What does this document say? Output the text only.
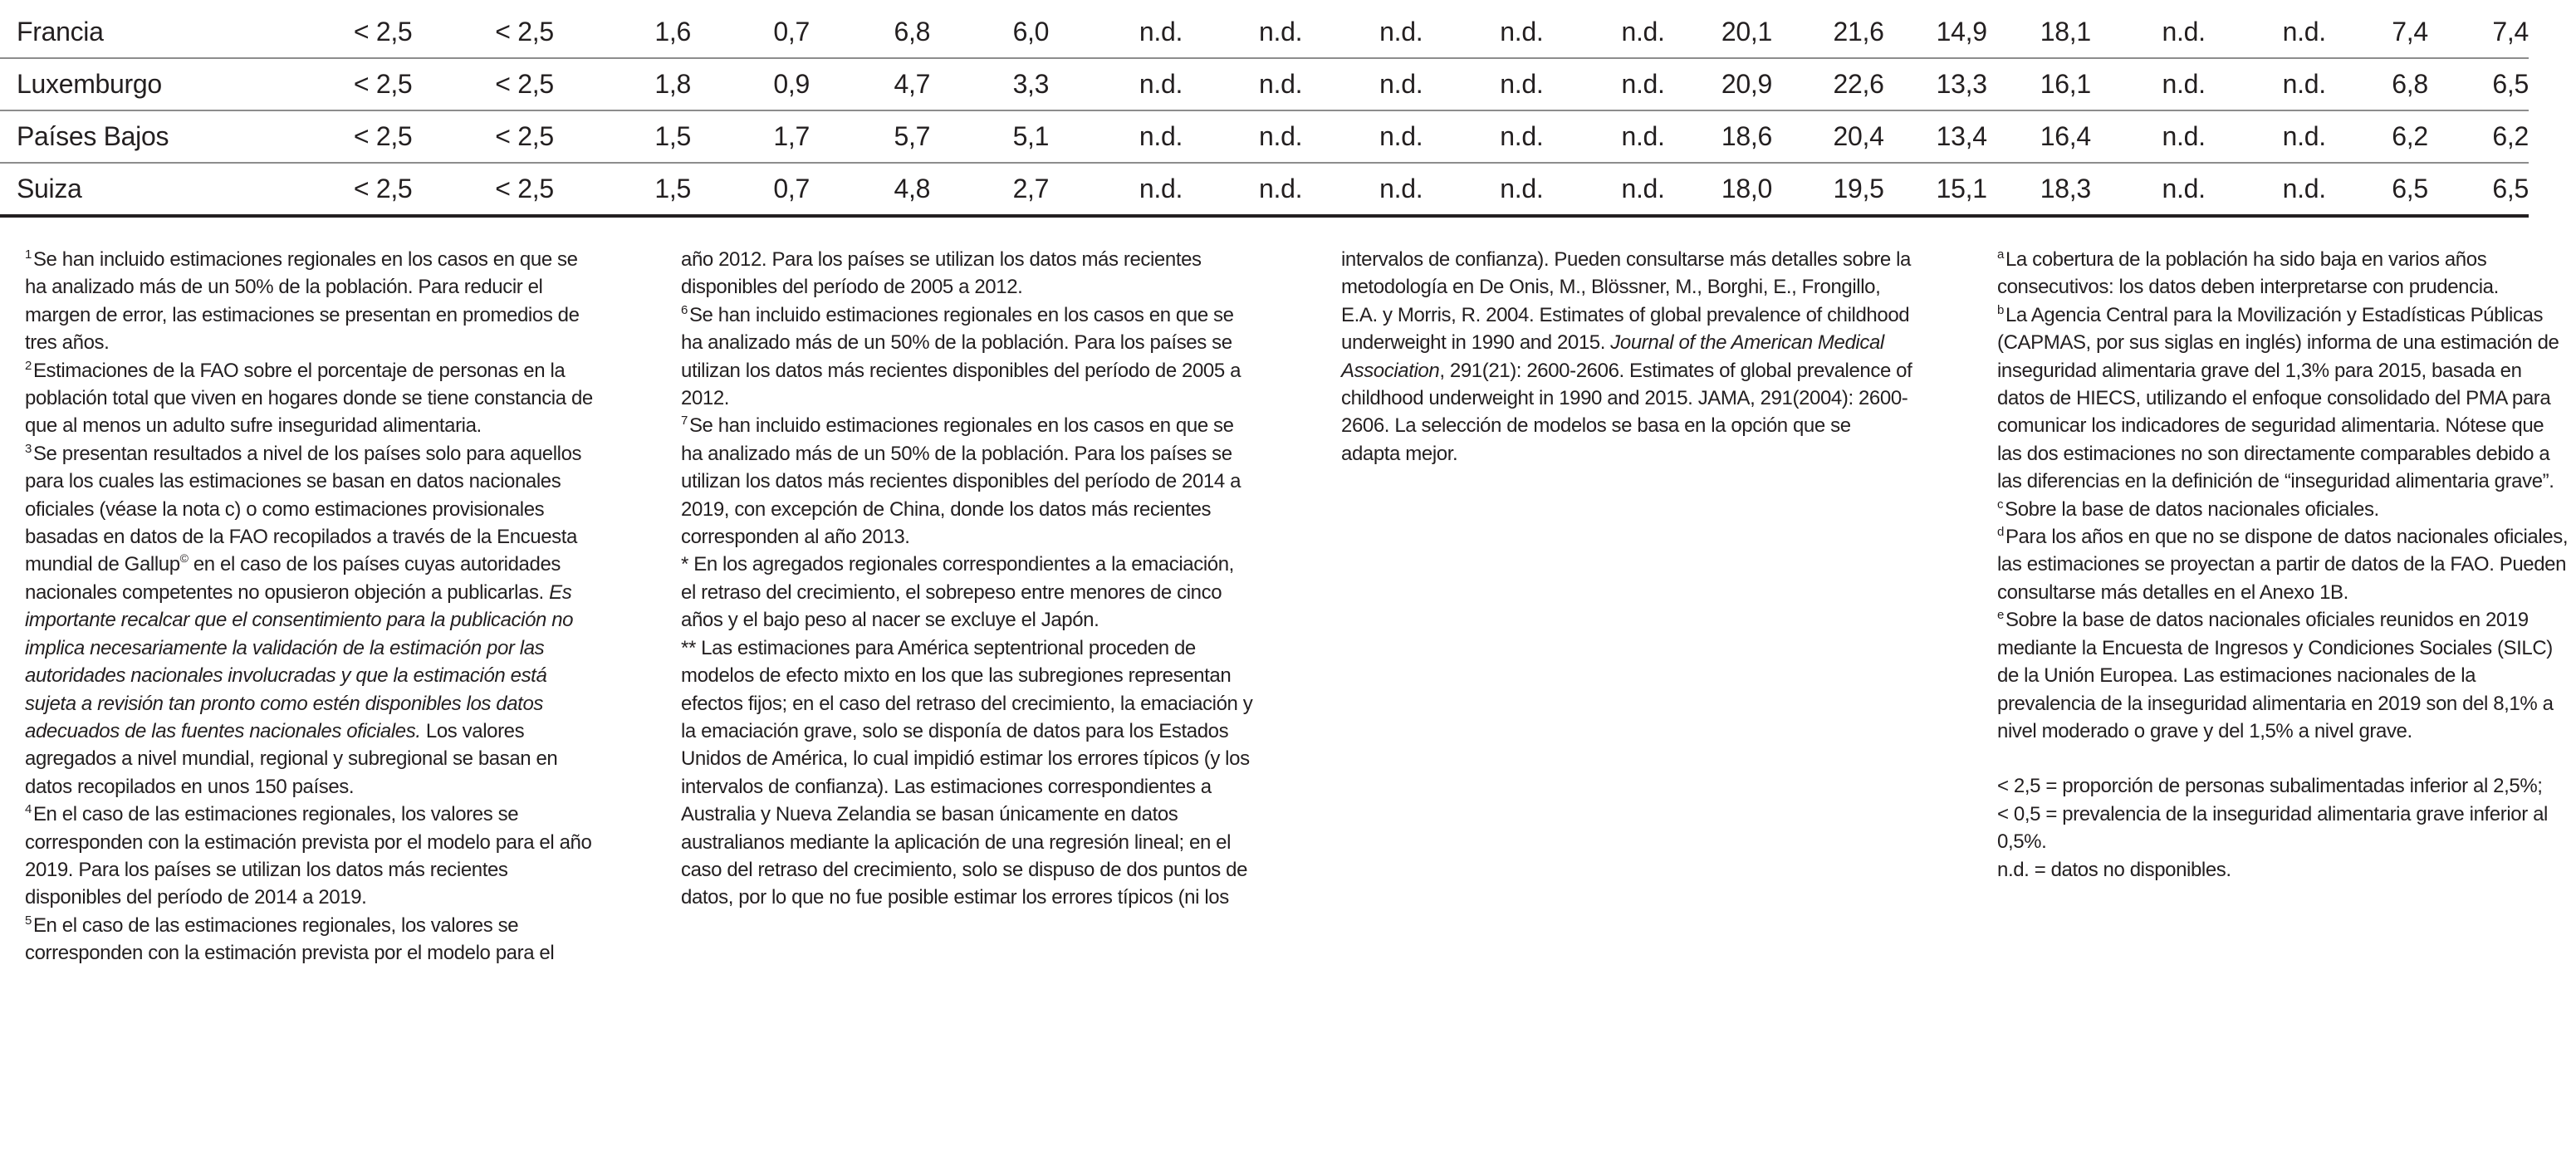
Francia	< 2,5	< 2,5	1,6	0,7	6,8	6,0	n.d.	n.d.	n.d.	n.d.	n.d.	20,1	21,6	14,9	18,1	n.d.	n.d.	7,4	7,4
Luxemburgo	< 2,5	< 2,5	1,8	0,9	4,7	3,3	n.d.	n.d.	n.d.	n.d.	n.d.	20,9	22,6	13,3	16,1	n.d.	n.d.	6,8	6,5
Países Bajos	< 2,5	< 2,5	1,5	1,7	5,7	5,1	n.d.	n.d.	n.d.	n.d.	n.d.	18,6	20,4	13,4	16,4	n.d.	n.d.	6,2	6,2
Suiza	< 2,5	< 2,5	1,5	0,7	4,8	2,7	n.d.	n.d.	n.d.	n.d.	n.d.	18,0	19,5	15,1	18,3	n.d.	n.d.	6,5	6,5

$^1$Se han incluido estimaciones regionales en los casos en que se ha analizado más de un 50% de la población. Para reducir el margen de error, las estimaciones se presentan en promedios de tres años.

$^2$Estimaciones de la FAO sobre el porcentaje de personas en la población total que viven en hogares donde se tiene constancia de que al menos un adulto sufre inseguridad alimentaria.

$^3$Se presentan resultados a nivel de los países solo para aquellos para los cuales las estimaciones se basan en datos nacionales oficiales (véase la nota c) o como estimaciones provisionales basadas en datos de la FAO recopilados a través de la Encuesta mundial de Gallup© en el caso de los países cuyas autoridades nacionales competentes no opusieron objeción a publicarlas. Es importante recalcar que el consentimiento para la publicación no implica necesariamente la validación de la estimación por las autoridades nacionales involucradas y que la estimación está sujeta a revisión tan pronto como estén disponibles los datos adecuados de las fuentes nacionales oficiales. Los valores agregados a nivel mundial, regional y subregional se basan en datos recopilados en unos 150 países.

$^4$En el caso de las estimaciones regionales, los valores se corresponden con la estimación prevista por el modelo para el año 2019. Para los países se utilizan los datos más recientes disponibles del período de 2014 a 2019.

$^5$En el caso de las estimaciones regionales, los valores se corresponden con la estimación prevista por el modelo para el

año 2012. Para los países se utilizan los datos más recientes disponibles del período de 2005 a 2012.

$^6$Se han incluido estimaciones regionales en los casos en que se ha analizado más de un 50% de la población. Para los países se utilizan los datos más recientes disponibles del período de 2005 a 2012.

$^7$Se han incluido estimaciones regionales en los casos en que se ha analizado más de un 50% de la población. Para los países se utilizan los datos más recientes disponibles del período de 2014 a 2019, con excepción de China, donde los datos más recientes corresponden al año 2013.

* En los agregados regionales correspondientes a la emaciación, el retraso del crecimiento, el sobrepeso entre menores de cinco años y el bajo peso al nacer se excluye el Japón.

** Las estimaciones para América septentrional proceden de modelos de efecto mixto en los que las subregiones representan efectos fijos; en el caso del retraso del crecimiento, la emaciación y la emaciación grave, solo se disponía de datos para los Estados Unidos de América, lo cual impidió estimar los errores típicos (y los intervalos de confianza). Las estimaciones correspondientes a Australia y Nueva Zelandia se basan únicamente en datos australianos mediante la aplicación de una regresión lineal; en el caso del retraso del crecimiento, solo se dispuso de dos puntos de datos, por lo que no fue posible estimar los errores típicos (ni los

intervalos de confianza). Pueden consultarse más detalles sobre la metodología en De Onis, M., Blössner, M., Borghi, E., Frongillo, E.A. y Morris, R. 2004. Estimates of global prevalence of childhood underweight in 1990 and 2015. Journal of the American Medical Association, 291(21): 2600-2606. Estimates of global prevalence of childhood underweight in 1990 and 2015. JAMA, 291(2004): 2600-2606. La selección de modelos se basa en la opción que se adapta mejor.

$^a$La cobertura de la población ha sido baja en varios años consecutivos: los datos deben interpretarse con prudencia.

$^b$La Agencia Central para la Movilización y Estadísticas Públicas (CAPMAS, por sus siglas en inglés) informa de una estimación de inseguridad alimentaria grave del 1,3% para 2015, basada en datos de HIECS, utilizando el enfoque consolidado del PMA para comunicar los indicadores de seguridad alimentaria. Nótese que las dos estimaciones no son directamente comparables debido a las diferencias en la definición de “inseguridad alimentaria grave”.

$^c$Sobre la base de datos nacionales oficiales.

$^d$Para los años en que no se dispone de datos nacionales oficiales, las estimaciones se proyectan a partir de datos de la FAO. Pueden consultarse más detalles en el Anexo 1B.

$^e$Sobre la base de datos nacionales oficiales reunidos en 2019 mediante la Encuesta de Ingresos y Condiciones Sociales (SILC) de la Unión Europea. Las estimaciones nacionales de la prevalencia de la inseguridad alimentaria en 2019 son del 8,1% a nivel moderado o grave y del 1,5% a nivel grave.

< 2,5 = proporción de personas subalimentadas inferior al 2,5%;

< 0,5 = prevalencia de la inseguridad alimentaria grave inferior al 0,5%.

n.d. = datos no disponibles.
